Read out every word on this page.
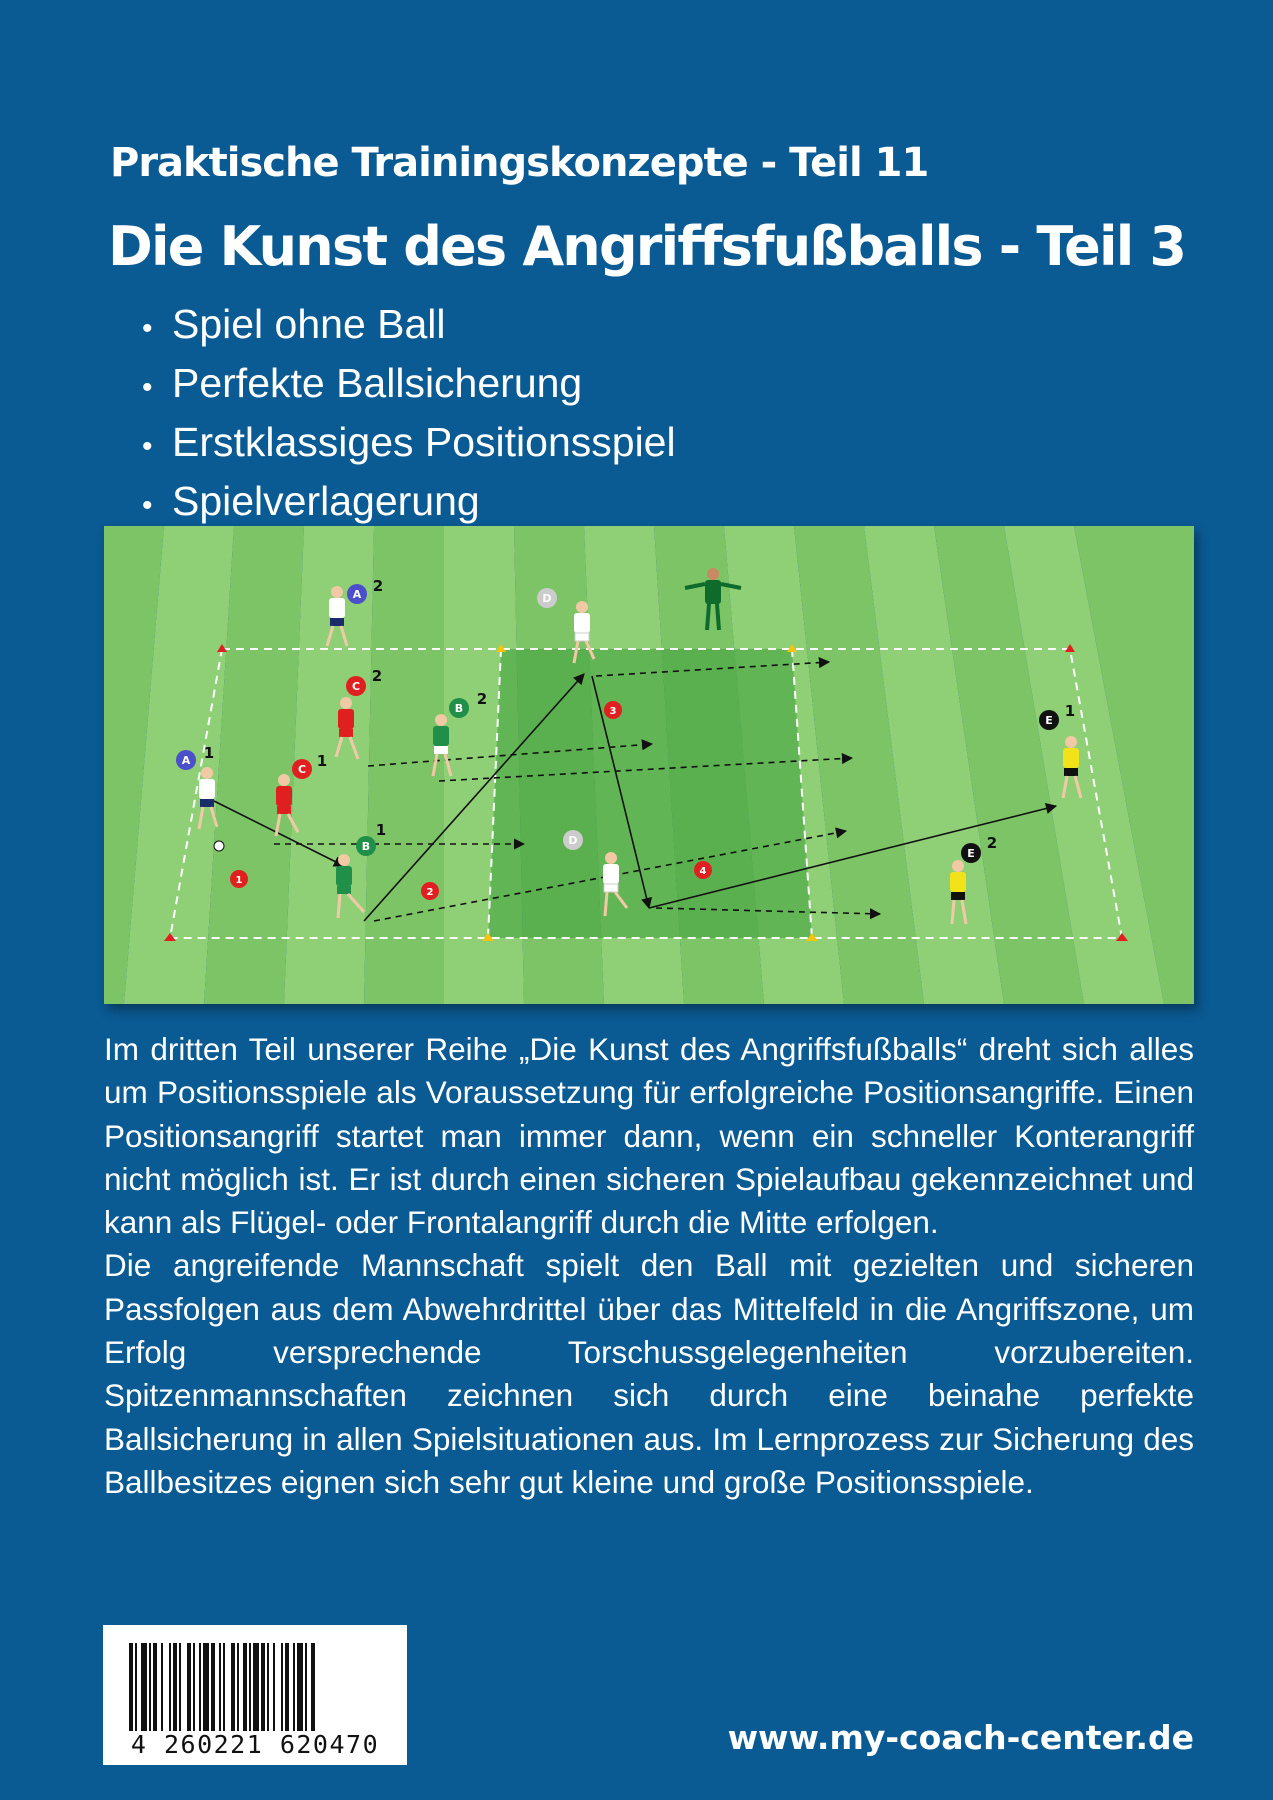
Praktische Trainingskonzepte - Teil 11
Die Kunst des Angriffsfußballs - Teil 3
• Spiel ohne Ball
• Perfekte Ballsicherung
• Erstklassiges Positionsspiel
• Spielverlagerung
1
2
3
4
A 2
A 1
B
2
B
1
C
2
C 1
D
D
E
1
E
2

Im dritten Teil unserer Reihe „Die Kunst des Angriffsfußballs“ dreht sich alles um Positionsspiele als Voraussetzung für erfolgreiche Positionsangriffe. Einen Positionsangriff startet man immer dann, wenn ein schneller Konterangriff nicht möglich ist. Er ist durch einen sicheren Spielaufbau gekennzeichnet und kann als Flügel- oder Frontalangriff durch die Mitte erfolgen.

Die angreifende Mannschaft spielt den Ball mit gezielten und sicheren Passfolgen aus dem Abwehrdrittel über das Mittelfeld in die Angriffszone, um Erfolg versprechende Torschussgelegenheiten vorzubereiten. Spitzenmannschaften zeichnen sich durch eine beinahe perfekte Ballsicherung in allen Spielsituationen aus. Im Lernprozess zur Sicherung des Ballbesitzes eignen sich sehr gut kleine und große Positionsspiele.

4 260221 620470	www.my-coach-center.de
